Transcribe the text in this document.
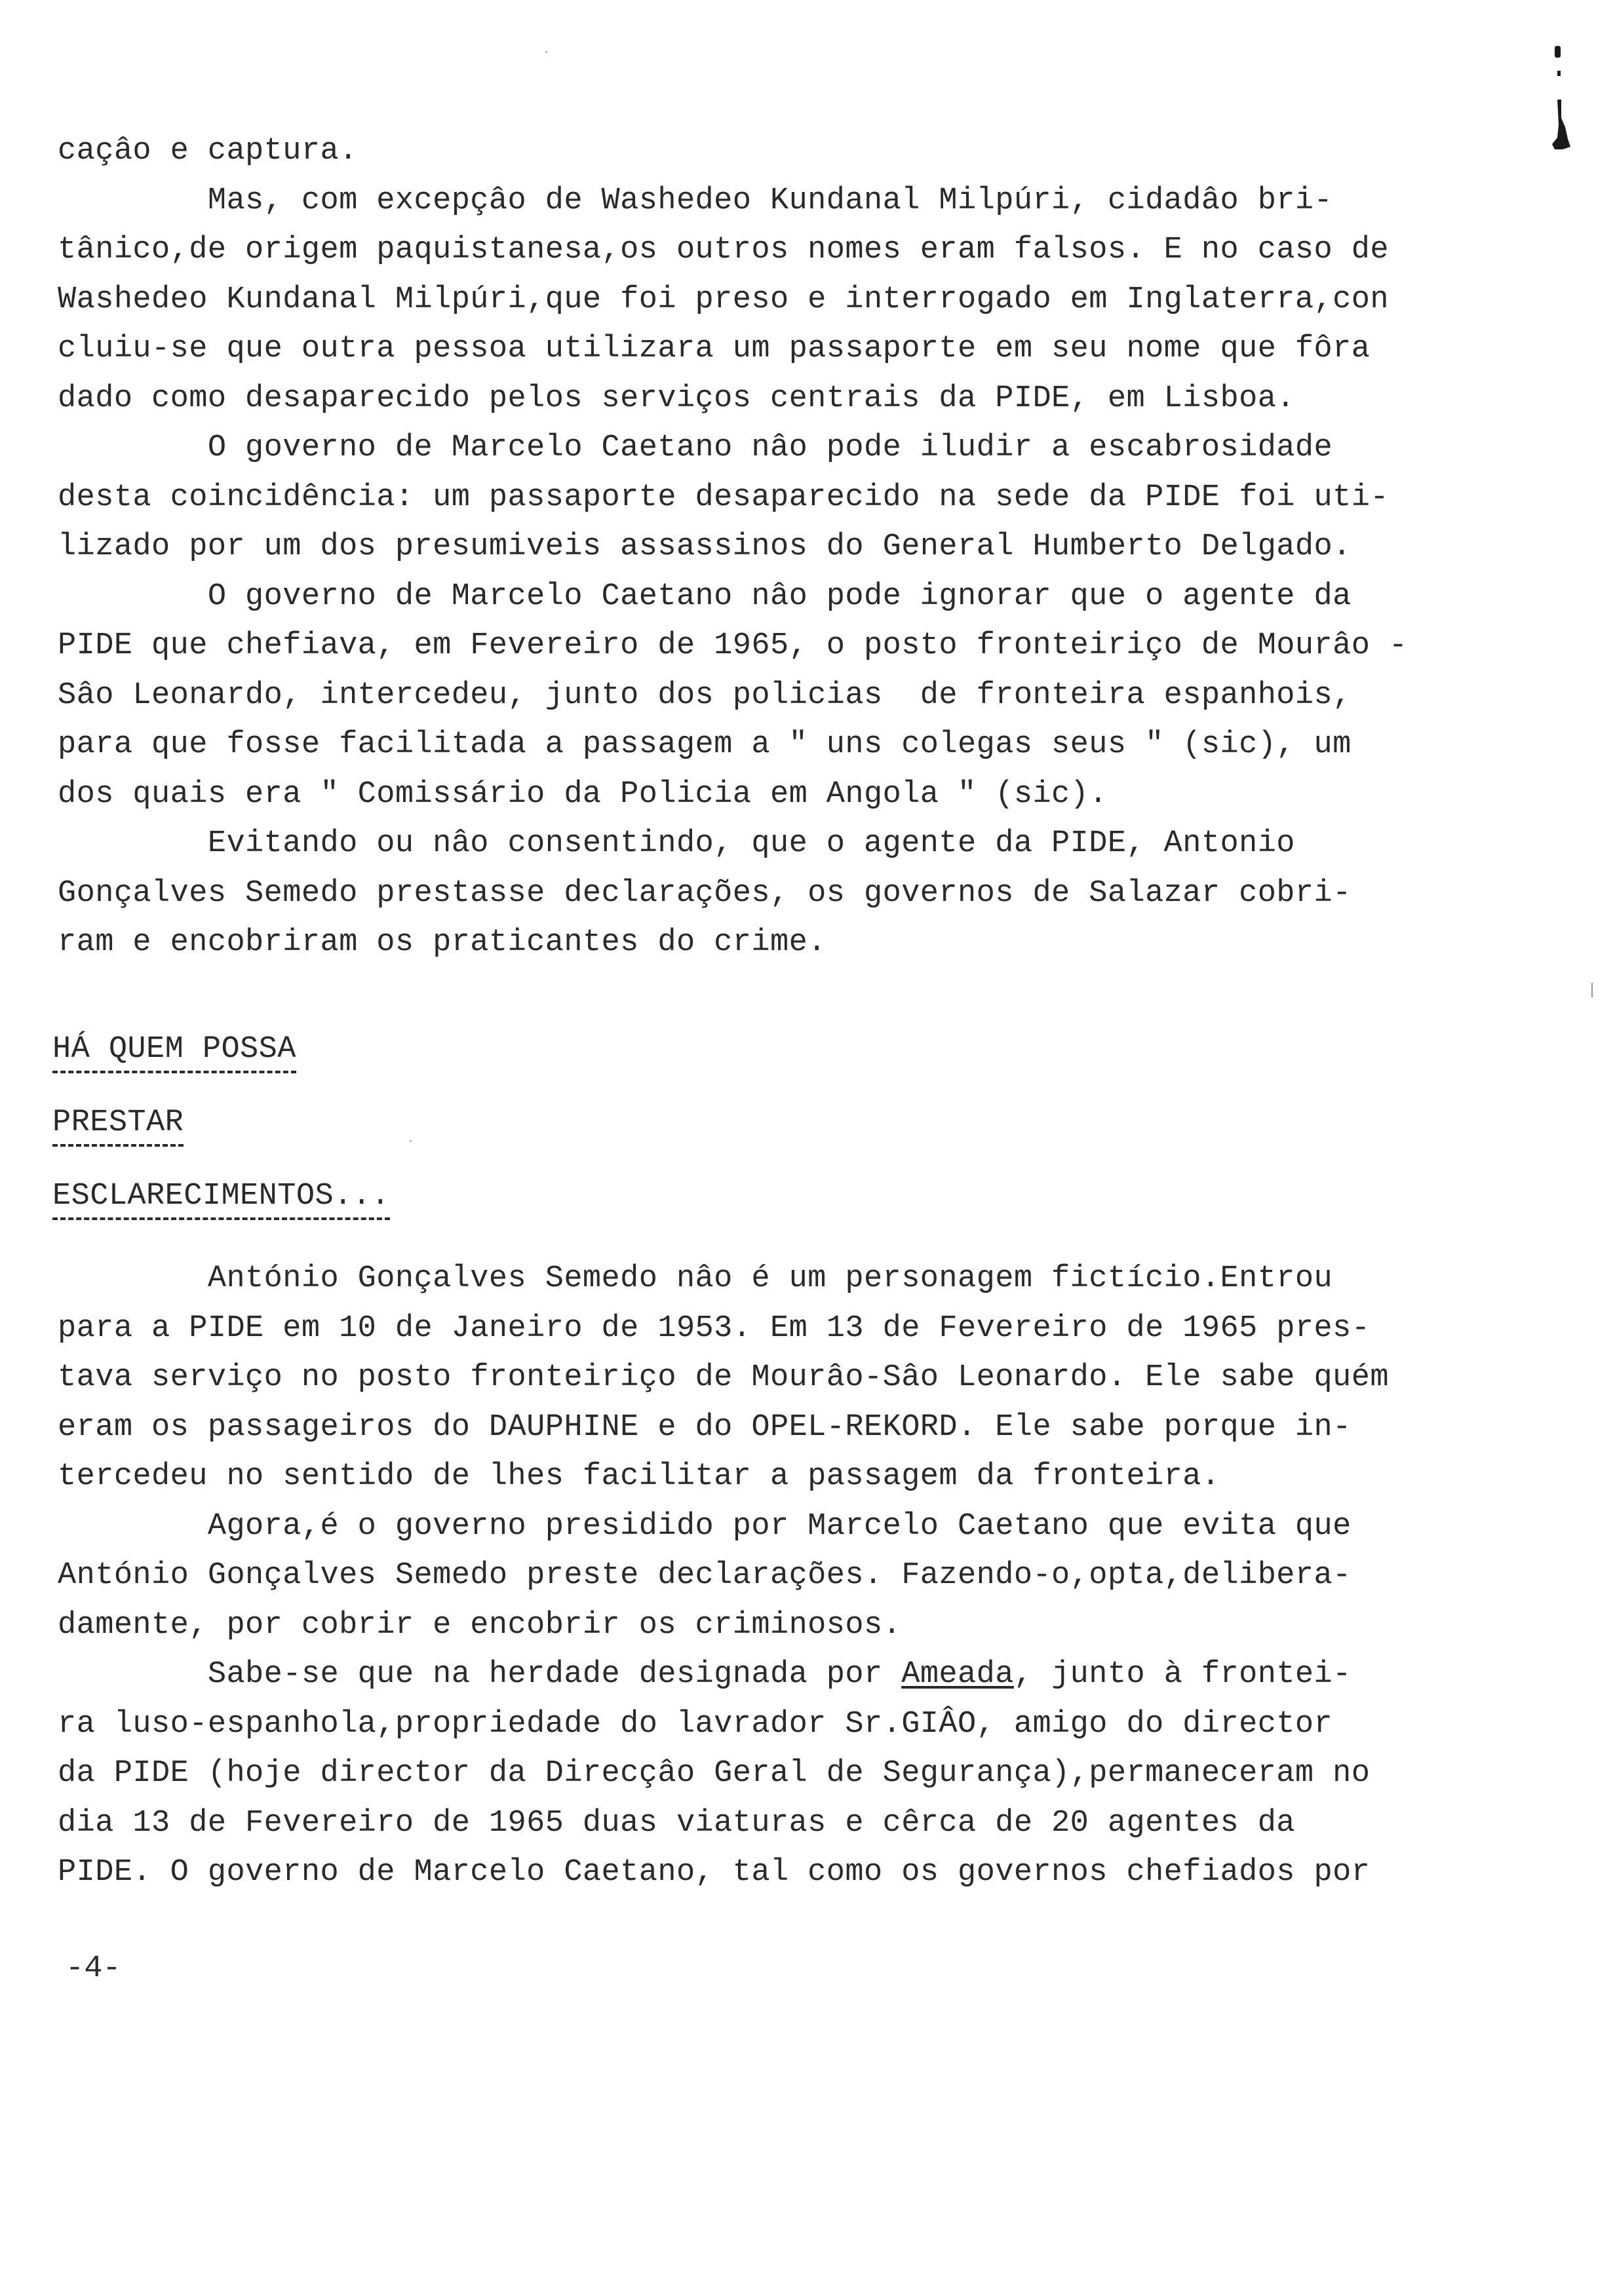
caçâo e captura.
Mas, com excepçâo de Washedeo Kundanal Milpúri, cidadâo bri-
tânico,de origem paquistanesa,os outros nomes eram falsos. E no caso de
Washedeo Kundanal Milpúri,que foi preso e interrogado em Inglaterra,con
cluiu-se que outra pessoa utilizara um passaporte em seu nome que fôra
dado como desaparecido pelos serviços centrais da PIDE, em Lisboa.
O governo de Marcelo Caetano nâo pode iludir a escabrosidade
desta coincidência: um passaporte desaparecido na sede da PIDE foi uti-
lizado por um dos presumiveis assassinos do General Humberto Delgado.
O governo de Marcelo Caetano nâo pode ignorar que o agente da
PIDE que chefiava, em Fevereiro de 1965, o posto fronteiriço de Mourâo -
Sâo Leonardo, intercedeu, junto dos policias  de fronteira espanhois,
para que fosse facilitada a passagem a " uns colegas seus " (sic), um
dos quais era " Comissário da Policia em Angola " (sic).
Evitando ou nâo consentindo, que o agente da PIDE, Antonio
Gonçalves Semedo prestasse declarações, os governos de Salazar cobri-
ram e encobriram os praticantes do crime.
HÁ QUEM POSSA
PRESTAR
ESCLARECIMENTOS...
António Gonçalves Semedo nâo é um personagem fictício.Entrou
para a PIDE em 10 de Janeiro de 1953. Em 13 de Fevereiro de 1965 pres-
tava serviço no posto fronteiriço de Mourâo-Sâo Leonardo. Ele sabe quém
eram os passageiros do DAUPHINE e do OPEL-REKORD. Ele sabe porque in-
tercedeu no sentido de lhes facilitar a passagem da fronteira.
Agora,é o governo presidido por Marcelo Caetano que evita que
António Gonçalves Semedo preste declarações. Fazendo-o,opta,delibera-
damente, por cobrir e encobrir os criminosos.
Sabe-se que na herdade designada por Ameada, junto à frontei-
ra luso-espanhola,propriedade do lavrador Sr.GIÂO, amigo do director
da PIDE (hoje director da Direcçâo Geral de Segurança),permaneceram no
dia 13 de Fevereiro de 1965 duas viaturas e cêrca de 20 agentes da
PIDE. O governo de Marcelo Caetano, tal como os governos chefiados por
-4-
